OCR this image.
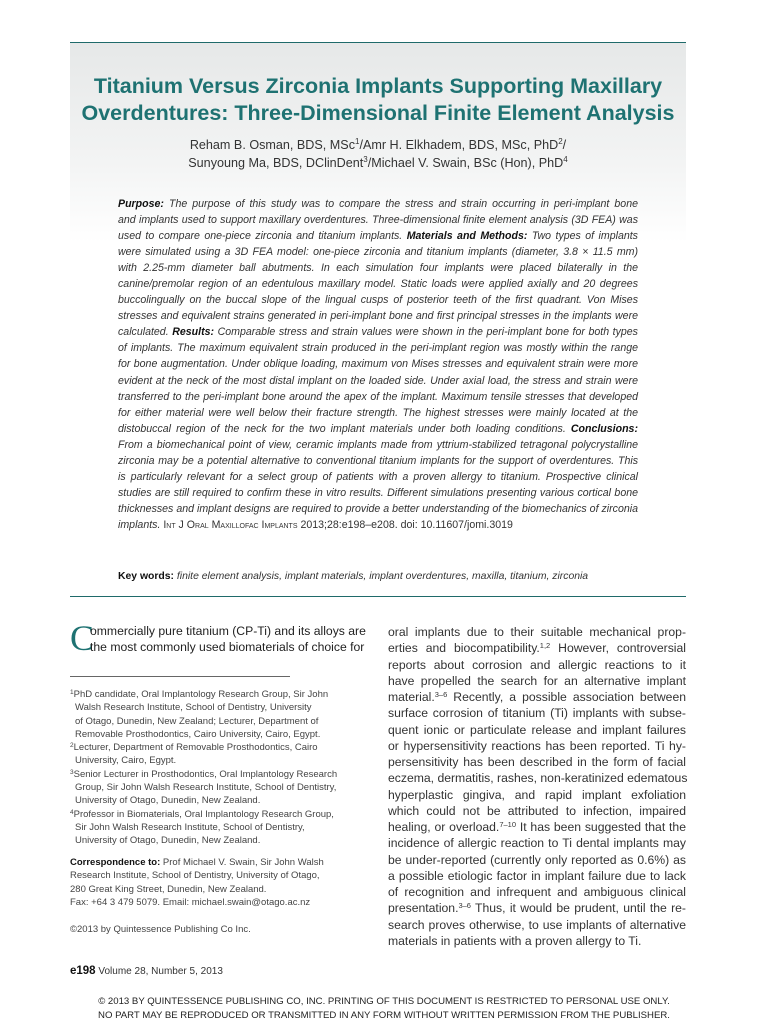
Titanium Versus Zirconia Implants Supporting Maxillary
Overdentures: Three-Dimensional Finite Element Analysis
Reham B. Osman, BDS, MSc$^1$/Amr H. Elkhadem, BDS, MSc, PhD$^2$/
Sunyoung Ma, BDS, DClinDent$^3$/Michael V. Swain, BSc (Hon), PhD$^4$
Purpose: The purpose of this study was to compare the stress and strain occurring in peri-implant bone
and implants used to support maxillary overdentures. Three-dimensional finite element analysis (3D FEA) was
used to compare one-piece zirconia and titanium implants. Materials and Methods: Two types of implants
were simulated using a 3D FEA model: one-piece zirconia and titanium implants (diameter, 3.8 × 11.5 mm)
with 2.25-mm diameter ball abutments. In each simulation four implants were placed bilaterally in the
canine/premolar region of an edentulous maxillary model. Static loads were applied axially and 20 degrees
buccolingually on the buccal slope of the lingual cusps of posterior teeth of the first quadrant. Von Mises
stresses and equivalent strains generated in peri-implant bone and first principal stresses in the implants were
calculated. Results: Comparable stress and strain values were shown in the peri-implant bone for both types
of implants. The maximum equivalent strain produced in the peri-implant region was mostly within the range
for bone augmentation. Under oblique loading, maximum von Mises stresses and equivalent strain were more
evident at the neck of the most distal implant on the loaded side. Under axial load, the stress and strain were
transferred to the peri-implant bone around the apex of the implant. Maximum tensile stresses that developed
for either material were well below their fracture strength. The highest stresses were mainly located at the
distobuccal region of the neck for the two implant materials under both loading conditions. Conclusions:
From a biomechanical point of view, ceramic implants made from yttrium-stabilized tetragonal polycrystalline
zirconia may be a potential alternative to conventional titanium implants for the support of overdentures. This
is particularly relevant for a select group of patients with a proven allergy to titanium. Prospective clinical
studies are still required to confirm these in vitro results. Different simulations presenting various cortical bone
thicknesses and implant designs are required to provide a better understanding of the biomechanics of zirconia
implants. Int J Oral Maxillofac Implants 2013;28:e198–e208. doi: 10.11607/jomi.3019
Key words: finite element analysis, implant materials, implant overdentures, maxilla, titanium, zirconia
C
ommercially pure titanium (CP-Ti) and its alloys are
the most commonly used biomaterials of choice for
$^1$PhD candidate, Oral Implantology Research Group, Sir John
Walsh Research Institute, School of Dentistry, University
of Otago, Dunedin, New Zealand; Lecturer, Department of
Removable Prosthodontics, Cairo University, Cairo, Egypt.
$^2$Lecturer, Department of Removable Prosthodontics, Cairo
University, Cairo, Egypt.
$^3$Senior Lecturer in Prosthodontics, Oral Implantology Research
Group, Sir John Walsh Research Institute, School of Dentistry,
University of Otago, Dunedin, New Zealand.
$^4$Professor in Biomaterials, Oral Implantology Research Group,
Sir John Walsh Research Institute, School of Dentistry,
University of Otago, Dunedin, New Zealand.
Correspondence to: Prof Michael V. Swain, Sir John Walsh
Research Institute, School of Dentistry, University of Otago,
280 Great King Street, Dunedin, New Zealand.
Fax: +64 3 479 5079. Email: michael.swain@otago.ac.nz
©2013 by Quintessence Publishing Co Inc.
oral implants due to their suitable mechanical prop-
erties and biocompatibility.$^{1,2}$ However, controversial
reports about corrosion and allergic reactions to it
have propelled the search for an alternative implant
material.$^{3-6}$ Recently, a possible association between
surface corrosion of titanium (Ti) implants with subse-
quent ionic or particulate release and implant failures
or hypersensitivity reactions has been reported. Ti hy-
persensitivity has been described in the form of facial
eczema, dermatitis, rashes, non-keratinized edematous
hyperplastic gingiva, and rapid implant exfoliation
which could not be attributed to infection, impaired
healing, or overload.$^{7-10}$ It has been suggested that the
incidence of allergic reaction to Ti dental implants may
be under-reported (currently only reported as 0.6%) as
a possible etiologic factor in implant failure due to lack
of recognition and infrequent and ambiguous clinical
presentation.$^{3-6}$ Thus, it would be prudent, until the re-
search proves otherwise, to use implants of alternative
materials in patients with a proven allergy to Ti.
e198 Volume 28, Number 5, 2013
© 2013 BY QUINTESSENCE PUBLISHING CO, INC. PRINTING OF THIS DOCUMENT IS RESTRICTED TO PERSONAL USE ONLY.
NO PART MAY BE REPRODUCED OR TRANSMITTED IN ANY FORM WITHOUT WRITTEN PERMISSION FROM THE PUBLISHER.
